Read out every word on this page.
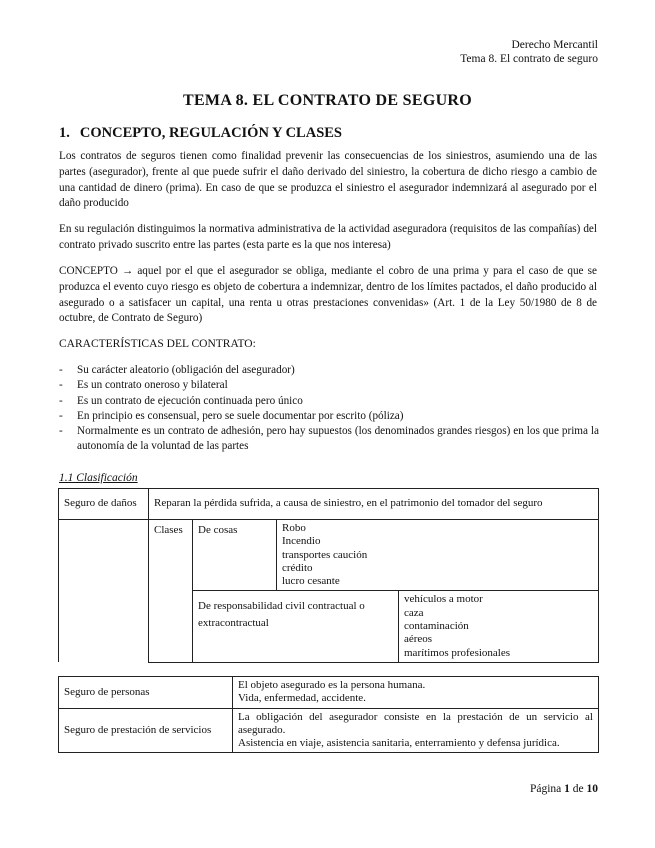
Derecho Mercantil
Tema 8. El contrato de seguro
TEMA 8. EL CONTRATO DE SEGURO
1. CONCEPTO, REGULACIÓN Y CLASES
Los contratos de seguros tienen como finalidad prevenir las consecuencias de los siniestros, asumiendo una de las partes (asegurador), frente al que puede sufrir el daño derivado del siniestro, la cobertura de dicho riesgo a cambio de una cantidad de dinero (prima). En caso de que se produzca el siniestro el asegurador indemnizará al asegurado por el daño producido
En su regulación distinguimos la normativa administrativa de la actividad aseguradora (requisitos de las compañías) del contrato privado suscrito entre las partes (esta parte es la que nos interesa)
CONCEPTO → aquel por el que el asegurador se obliga, mediante el cobro de una prima y para el caso de que se produzca el evento cuyo riesgo es objeto de cobertura a indemnizar, dentro de los límites pactados, el daño producido al asegurado o a satisfacer un capital, una renta u otras prestaciones convenidas» (Art. 1 de la Ley 50/1980 de 8 de octubre, de Contrato de Seguro)
CARACTERÍSTICAS DEL CONTRATO:
- Su carácter aleatorio (obligación del asegurador)
- Es un contrato oneroso y bilateral
- Es un contrato de ejecución continuada pero único
- En principio es consensual, pero se suele documentar por escrito (póliza)
- Normalmente es un contrato de adhesión, pero hay supuestos (los denominados grandes riesgos) en los que prima la autonomía de la voluntad de las partes
1.1 Clasificación
Seguro de daños	Reparan la pérdida sufrida, a causa de siniestro, en el patrimonio del tomador del seguro			
	Clases	De cosas	Robo
Incendio
transportes caución
crédito
lucro cesante	

		De responsabilidad civil contractual o extracontractual		vehículos a motor
caza
contaminación
aéreos
marítimos profesionales
Seguro de personas	El objeto asegurado es la persona humana.
Vida, enfermedad, accidente.

Seguro de prestación de servicios	La obligación del asegurador consiste en la prestación de un servicio al asegurado.
Asistencia en viaje, asistencia sanitaria, enterramiento y defensa jurídica.
Página 1 de 10
